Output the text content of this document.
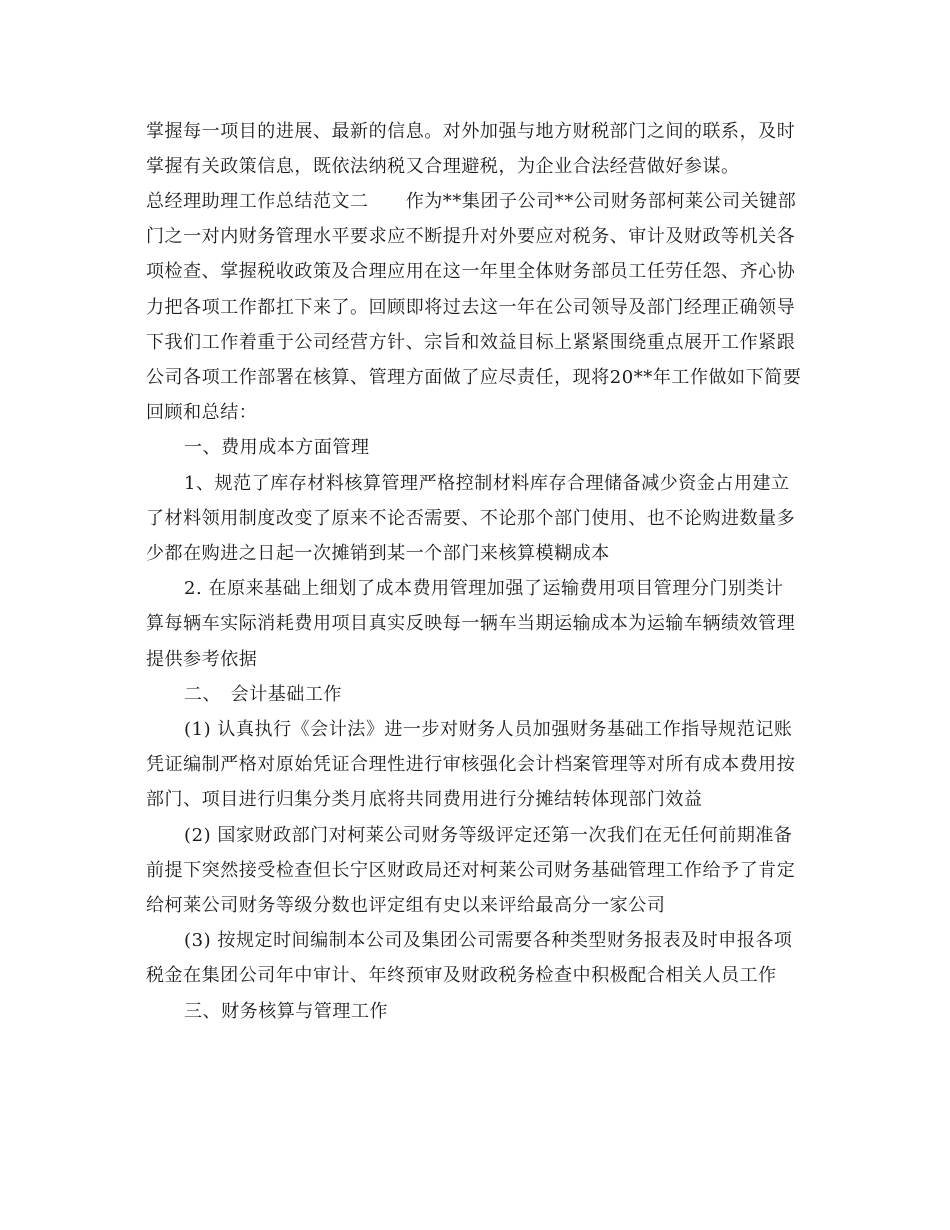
掌握每一项目的进展、最新的信息。对外加强与地方财税部门之间的联系，及时
掌握有关政策信息，既依法纳税又合理避税，为企业合法经营做好参谋。
总经理助理工作总结范文二　　作为**集团子公司**公司财务部柯莱公司关键部
门之一对内财务管理水平要求应不断提升对外要应对税务、审计及财政等机关各
项检查、掌握税收政策及合理应用在这一年里全体财务部员工任劳任怨、齐心协
力把各项工作都扛下来了。回顾即将过去这一年在公司领导及部门经理正确领导
下我们工作着重于公司经营方针、宗旨和效益目标上紧紧围绕重点展开工作紧跟
公司各项工作部署在核算、管理方面做了应尽责任，现将20**年工作做如下简要
回顾和总结：
一、费用成本方面管理
1、规范了库存材料核算管理严格控制材料库存合理储备减少资金占用建立
了材料领用制度改变了原来不论否需要、不论那个部门使用、也不论购进数量多
少都在购进之日起一次摊销到某一个部门来核算模糊成本
2. 在原来基础上细划了成本费用管理加强了运输费用项目管理分门别类计
算每辆车实际消耗费用项目真实反映每一辆车当期运输成本为运输车辆绩效管理
提供参考依据
二、　会计基础工作
(1) 认真执行《会计法》进一步对财务人员加强财务基础工作指导规范记账
凭证编制严格对原始凭证合理性进行审核强化会计档案管理等对所有成本费用按
部门、项目进行归集分类月底将共同费用进行分摊结转体现部门效益
(2) 国家财政部门对柯莱公司财务等级评定还第一次我们在无任何前期准备
前提下突然接受检查但长宁区财政局还对柯莱公司财务基础管理工作给予了肯定
给柯莱公司财务等级分数也评定组有史以来评给最高分一家公司
(3) 按规定时间编制本公司及集团公司需要各种类型财务报表及时申报各项
税金在集团公司年中审计、年终预审及财政税务检查中积极配合相关人员工作
三、财务核算与管理工作
